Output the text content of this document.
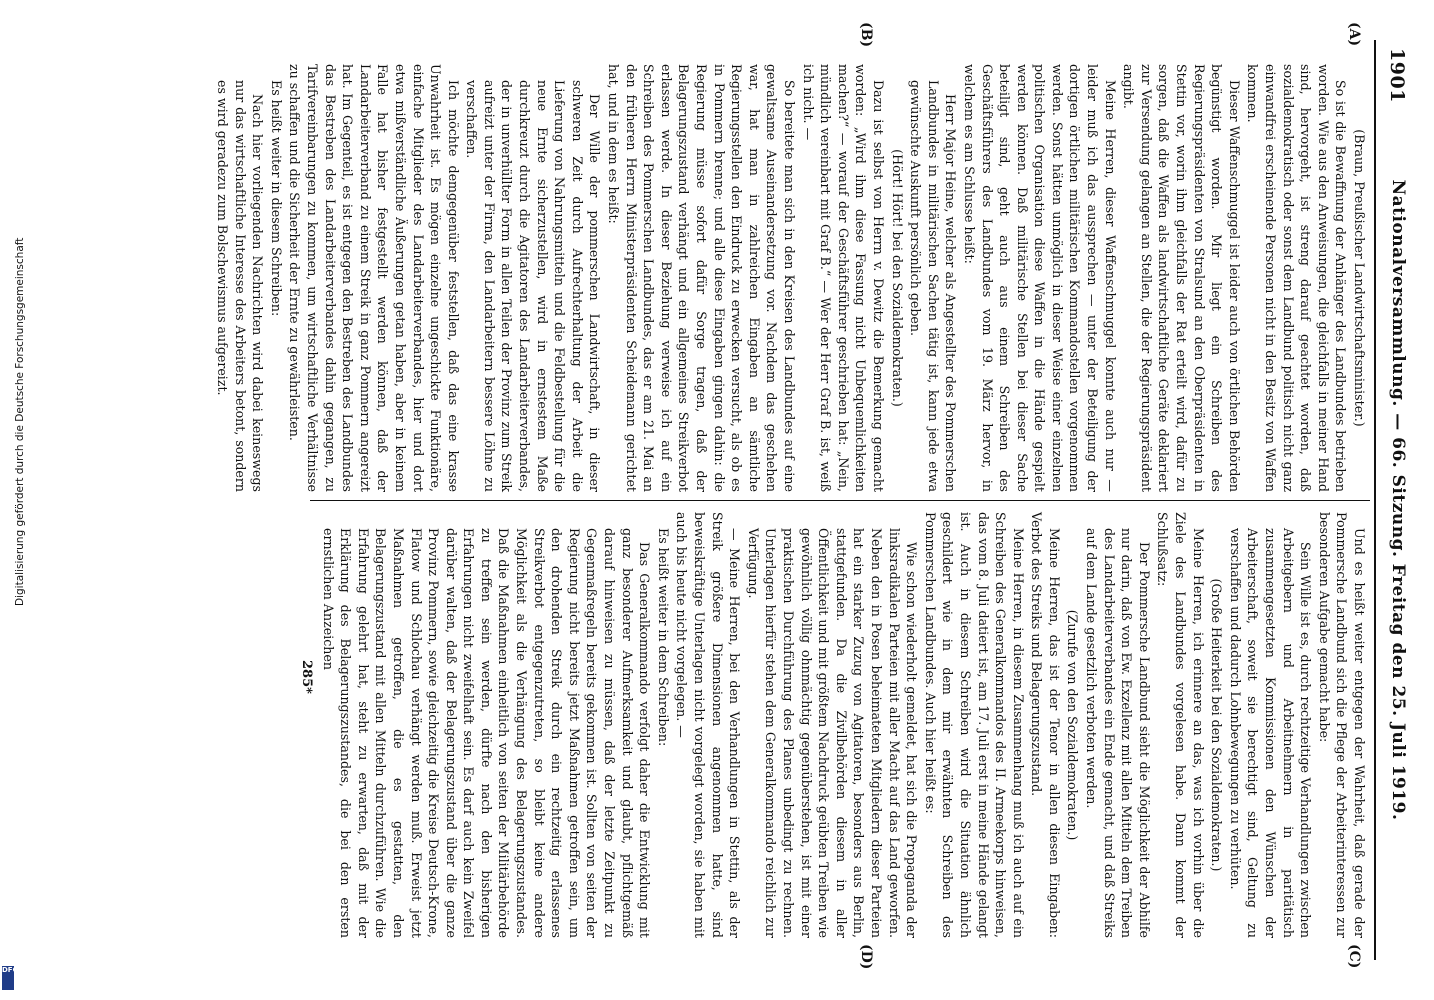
1901
Nationalversammlung. — 66. Sitzung. Freitag den 25. Juli 1919.
(A)
(B)
(C)
(D)

(Braun, Preußischer Landwirtschaftsminister.)

So ist die Bewaffnung der Anhänger des Landbundes betrieben worden. Wie aus den Anweisungen, die gleichfalls in meiner Hand sind, hervorgeht, ist streng darauf geachtet worden, daß sozialdemokratisch oder sonst dem Landbund politisch nicht ganz einwandfrei erscheinende Personen nicht in den Besitz von Waffen kommen.

Dieser Waffenschmuggel ist leider auch von örtlichen Behörden begünstigt worden. Mir liegt ein Schreiben des Regierungspräsidenten von Stralsund an den Oberpräsidenten in Stettin vor, worin ihm gleichfalls der Rat erteilt wird, dafür zu sorgen, daß die Waffen als landwirtschaftliche Geräte deklariert zur Versendung gelangen an Stellen, die der Regierungspräsident angibt.

Meine Herren, dieser Waffenschmuggel konnte auch nur — leider muß ich das aussprechen — unter der Beteiligung der dortigen örtlichen militärischen Kommandostellen vorgenommen werden. Sonst hätten unmöglich in dieser Weise einer einzelnen politischen Organisation diese Waffen in die Hände gespielt werden können. Daß militärische Stellen bei dieser Sache beteiligt sind, geht auch aus einem Schreiben des Geschäftsführers des Landbundes vom 19. März hervor, in welchem es am Schlusse heißt:

Herr Major Heine, welcher als Angestellter des Pommerschen Landbundes in militärischen Sachen tätig ist, kann jede etwa gewünschte Auskunft persönlich geben.

(Hört! Hört! bei den Sozialdemokraten.)

Dazu ist selbst von Herrn v. Dewitz die Bemerkung gemacht worden: „Wird ihm diese Fassung nicht Unbequemlichkeiten machen?“ — worauf der Geschäftsführer geschrieben hat: „Nein, mündlich vereinbart mit Graf B.“ — Wer der Herr Graf B. ist, weiß ich nicht. —

So bereitete man sich in den Kreisen des Landbundes auf eine gewaltsame Auseinandersetzung vor. Nachdem das geschehen war, hat man in zahlreichen Eingaben an sämtliche Regierungsstellen den Eindruck zu erwecken versucht, als ob es in Pommern brenne; und alle diese Eingaben gingen dahin: die Regierung müsse sofort dafür Sorge tragen, daß der Belagerungszustand verhängt und ein allgemeines Streikverbot erlassen werde. In dieser Beziehung verweise ich auf ein Schreiben des Pommerschen Landbundes, das er am 21. Mai an den früheren Herrn Ministerpräsidenten Scheidemann gerichtet hat, und in dem es heißt:

Der Wille der pommerschen Landwirtschaft, in dieser schweren Zeit durch Aufrechterhaltung der Arbeit die Lieferung von Nahrungsmitteln und die Feldbestellung für die neue Ernte sicherzustellen, wird in ernstestem Maße durchkreuzt durch die Agitatoren des Landarbeiterverbandes, der in unverhüllter Form in allen Teilen der Provinz zum Streik aufreizt unter der Firma, den Landarbeitern bessere Löhne zu verschaffen.

Ich möchte demgegenüber feststellen, daß das eine krasse Unwahrheit ist. Es mögen einzelne ungeschickte Funktionäre, einfache Mitglieder des Landarbeiterverbandes, hier und dort etwa mißverständliche Äußerungen getan haben, aber in keinem Falle hat bisher festgestellt werden können, daß der Landarbeiterverband zu einem Streik in ganz Pommern angereizt hat. Im Gegenteil, es ist entgegen den Bestreben des Landbundes das Bestreben des Landarbeiterverbandes dahin gegangen, zu Tarifvereinbarungen zu kommen, um wirtschaftliche Verhältnisse zu schaffen und die Sicherheit der Ernte zu gewährleisten.

Es heißt weiter in diesem Schreiben:

Nach hier vorliegenden Nachrichten wird dabei keineswegs nur das wirtschaftliche Interesse des Arbeiters betont, sondern es wird geradezu zum Bolschewismus aufgereizt.

Und es heißt weiter entgegen der Wahrheit, daß gerade der Pommersche Landbund sich die Pflege der Arbeiterinteressen zur besonderen Aufgabe gemacht habe:

Sein Wille ist es, durch rechtzeitige Verhandlungen zwischen Arbeitgebern und Arbeitnehmern in paritätisch zusammengesetzten Kommissionen den Wünschen der Arbeiterschaft, soweit sie berechtigt sind, Geltung zu verschaffen und dadurch Lohnbewegungen zu verhüten.

(Große Heiterkeit bei den Sozialdemokraten.)

Meine Herren, ich erinnere an das, was ich vorhin über die Ziele des Landbundes vorgelesen habe. Dann kommt der Schlußsatz:

Der Pommersche Landbund sieht die Möglichkeit der Abhilfe nur darin, daß von Ew. Exzellenz mit allen Mitteln dem Treiben des Landarbeiterverbandes ein Ende gemacht, und daß Streiks auf dem Lande gesetzlich verboten werden.

(Zurufe von den Sozialdemokraten.)

Meine Herren, das ist der Tenor in allen diesen Eingaben: Verbot des Streiks und Belagerungszustand.

Meine Herren, in diesem Zusammenhang muß ich auch auf ein Schreiben des Generalkommandos des II. Armeekorps hinweisen, das vom 8. Juli datiert ist, am 17. Juli erst in meine Hände gelangt ist. Auch in diesem Schreiben wird die Situation ähnlich geschildert wie in dem mir erwähnten Schreiben des Pommerschen Landbundes. Auch hier heißt es:

Wie schon wiederholt gemeldet, hat sich die Propaganda der linksradikalen Parteien mit aller Macht auf das Land geworfen. Neben den in Posen beheimateten Mitgliedern dieser Parteien hat ein starker Zuzug von Agitatoren, besonders aus Berlin, stattgefunden. Da die Zivilbehörden diesem in aller Öffentlichkeit und mit größtem Nachdruck geübten Treiben wie gewöhnlich völlig ohnmächtig gegenüberstehen, ist mit einer praktischen Durchführung des Planes unbedingt zu rechnen. Unterlagen hierfür stehen dem Generalkommando reichlich zur Verfügung.

— Meine Herren, bei den Verhandlungen in Stettin, als der Streik größere Dimensionen angenommen hatte, sind beweiskräftige Unterlagen nicht vorgelegt worden, sie haben mit auch bis heute nicht vorgelegen. —

Es heißt weiter in dem Schreiben:

Das Generalkommando verfolgt daher die Entwicklung mit ganz besonderer Aufmerksamkeit und glaubt, pflichtgemäß darauf hinweisen zu müssen, daß der letzte Zeitpunkt zu Gegenmaßregeln bereits gekommen ist. Sollten von seiten der Regierung nicht bereits jetzt Maßnahmen getroffen sein, um den drohenden Streik durch ein rechtzeitig erlassenes Streikverbot entgegenzutreten, so bleibt keine andere Möglichkeit als die Verhängung des Belagerungszustandes. Daß die Maßnahmen einheitlich von seiten der Militärbehörde zu treffen sein werden, dürfte nach den bisherigen Erfahrungen nicht zweifelhaft sein. Es darf auch kein Zweifel darüber walten, daß der Belagerungszustand über die ganze Provinz Pommern, sowie gleichzeitig die Kreise Deutsch-Krone, Flatow und Schlochau verhängt werden muß. Erweist jetzt Maßnahmen getroffen, die es gestatten, den Belagerungszustand mit allen Mitteln durchzuführen. Wie die Erfahrung gelehrt hat, steht zu erwarten, daß mit der Erklärung des Belagerungszustandes, die bei den ersten ernstlichen Anzeichen

285*
Digitalisierung gefördert durch die Deutsche Forschungsgemeinschaft
DFG
